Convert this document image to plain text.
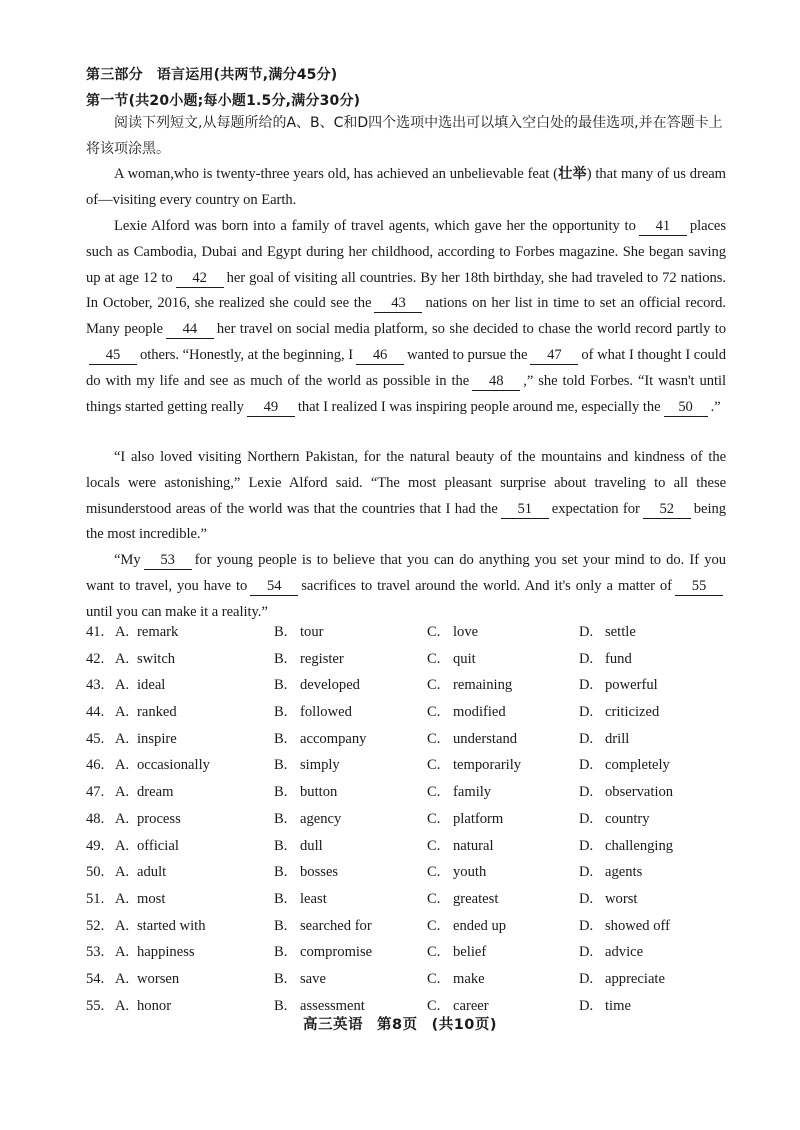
第三部分 语言运用(共两节,满分45分)
第一节(共20小题;每小题1.5分,满分30分)
阅读下列短文,从每题所给的A、B、C和D四个选项中选出可以填入空白处的最佳选项,并在答题卡上将该项涂黑。
A woman,who is twenty-three years old, has achieved an unbelievable feat (壮举) that many of us dream of—visiting every country on Earth.
Lexie Alford was born into a family of travel agents, which gave her the opportunity to 41 places such as Cambodia, Dubai and Egypt during her childhood, according to Forbes magazine. She began saving up at age 12 to 42 her goal of visiting all countries. By her 18th birthday, she had traveled to 72 nations. In October, 2016, she realized she could see the 43 nations on her list in time to set an official record. Many people 44 her travel on social media platform, so she decided to chase the world record partly to45 others. “Honestly, at the beginning, I 46 wanted to pursue the 47 of what I thought I could do with my life and see as much of the world as possible in the 48 ,” she told Forbes. “It wasn't until things started getting really 49 that I realized I was inspiring people around me, especially the 50 .”
“I also loved visiting Northern Pakistan, for the natural beauty of the mountains and kindness of the locals were astonishing,” Lexie Alford said. “The most pleasant surprise about traveling to all these misunderstood areas of the world was that the countries that I had the 51 expectation for 52 being the most incredible.”
“My 53 for young people is to believe that you can do anything you set your mind to do. If you want to travel, you have to 54 sacrifices to travel around the world. And it's only a matter of 55until you can make it a reality.”
41. A. remark	B. tour	C. love	D. settle
42. A. switch	B. register	C. quit	D. fund
43. A. ideal	B. developed	C. remaining	D. powerful
44. A. ranked	B. followed	C. modified	D. criticized
45. A. inspire	B. accompany	C. understand	D. drill
46. A. occasionally	B. simply	C. temporarily	D. completely
47. A. dream	B. button	C. family	D. observation
48. A. process	B. agency	C. platform	D. country
49. A. official	B. dull	C. natural	D. challenging
50. A. adult	B. bosses	C. youth	D. agents
51. A. most	B. least	C. greatest	D. worst
52. A. started with	B. searched for	C. ended up	D. showed off
53. A. happiness	B. compromise	C. belief	D. advice
54. A. worsen	B. save	C. make	D. appreciate
55. A. honor	B. assessment	C. career	D. time
高三英语 第8页 (共10页)
